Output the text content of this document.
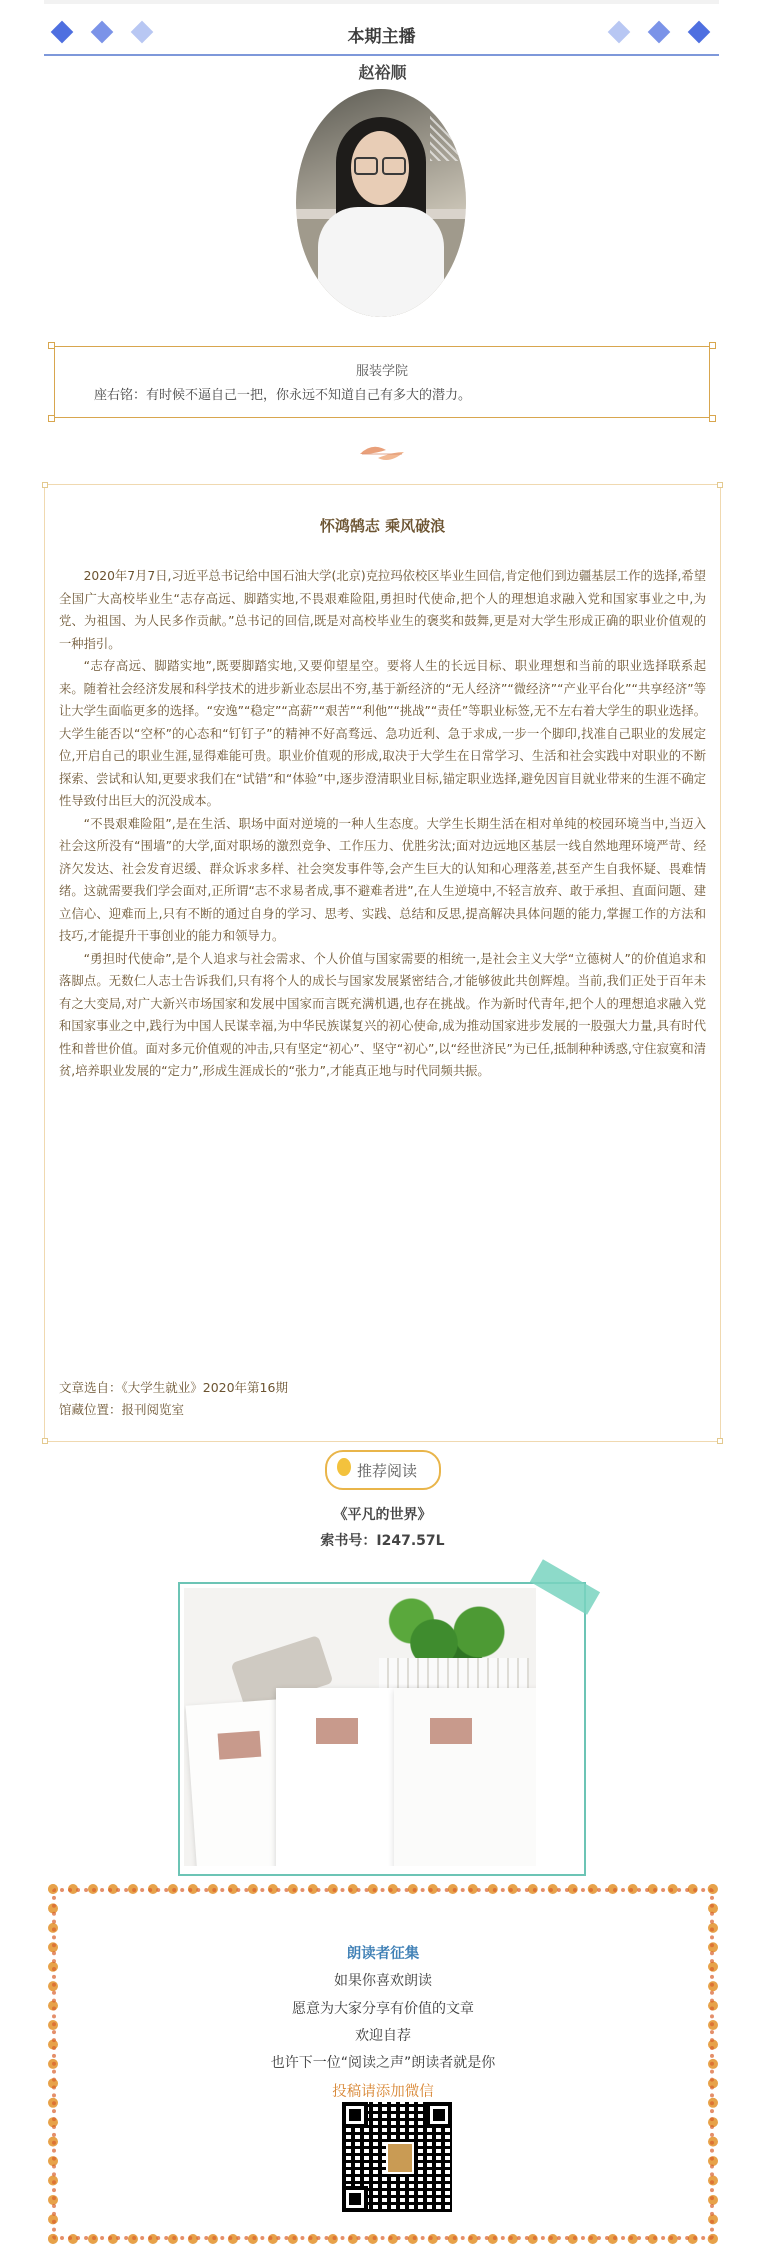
本期主播
赵裕顺
服装学院
座右铭：有时候不逼自己一把，你永远不知道自己有多大的潜力。
怀鸿鹄志 乘风破浪

2020年7月7日,习近平总书记给中国石油大学(北京)克拉玛依校区毕业生回信,肯定他们到边疆基层工作的选择,希望全国广大高校毕业生“志存高远、脚踏实地,不畏艰难险阻,勇担时代使命,把个人的理想追求融入党和国家事业之中,为党、为祖国、为人民多作贡献。”总书记的回信,既是对高校毕业生的褒奖和鼓舞,更是对大学生形成正确的职业价值观的一种指引。

“志存高远、脚踏实地”,既要脚踏实地,又要仰望星空。要将人生的长远目标、职业理想和当前的职业选择联系起来。随着社会经济发展和科学技术的进步新业态层出不穷,基于新经济的“无人经济”“微经济”“产业平台化”“共享经济”等让大学生面临更多的选择。“安逸”“稳定”“高薪”“艰苦”“利他”“挑战”“责任”等职业标签,无不左右着大学生的职业选择。大学生能否以“空杯”的心态和“钉钉子”的精神不好高骛远、急功近利、急于求成,一步一个脚印,找准自己职业的发展定位,开启自己的职业生涯,显得难能可贵。职业价值观的形成,取决于大学生在日常学习、生活和社会实践中对职业的不断探索、尝试和认知,更要求我们在“试错”和“体验”中,逐步澄清职业目标,锚定职业选择,避免因盲目就业带来的生涯不确定性导致付出巨大的沉没成本。

“不畏艰难险阻”,是在生活、职场中面对逆境的一种人生态度。大学生长期生活在相对单纯的校园环境当中,当迈入社会这所没有“围墙”的大学,面对职场的激烈竞争、工作压力、优胜劣汰;面对边远地区基层一线自然地理环境严苛、经济欠发达、社会发育迟缓、群众诉求多样、社会突发事件等,会产生巨大的认知和心理落差,甚至产生自我怀疑、畏难情绪。这就需要我们学会面对,正所谓“志不求易者成,事不避难者进”,在人生逆境中,不轻言放弃、敢于承担、直面问题、建立信心、迎难而上,只有不断的通过自身的学习、思考、实践、总结和反思,提高解决具体问题的能力,掌握工作的方法和技巧,才能提升干事创业的能力和领导力。

“勇担时代使命”,是个人追求与社会需求、个人价值与国家需要的相统一,是社会主义大学“立德树人”的价值追求和落脚点。无数仁人志士告诉我们,只有将个人的成长与国家发展紧密结合,才能够彼此共创辉煌。当前,我们正处于百年未有之大变局,对广大新兴市场国家和发展中国家而言既充满机遇,也存在挑战。作为新时代青年,把个人的理想追求融入党和国家事业之中,践行为中国人民谋幸福,为中华民族谋复兴的初心使命,成为推动国家进步发展的一股强大力量,具有时代性和普世价值。面对多元价值观的冲击,只有坚定“初心”、坚守“初心”,以“经世济民”为已任,抵制种种诱惑,守住寂寞和清贫,培养职业发展的“定力”,形成生涯成长的“张力”,才能真正地与时代同频共振。

文章选自：《大学生就业》2020年第16期
馆藏位置：报刊阅览室
推荐阅读
《平凡的世界》
索书号：I247.57L
朗读者征集
如果你喜欢朗读
愿意为大家分享有价值的文章
欢迎自荐
也许下一位“阅读之声”朗读者就是你
投稿请添加微信
